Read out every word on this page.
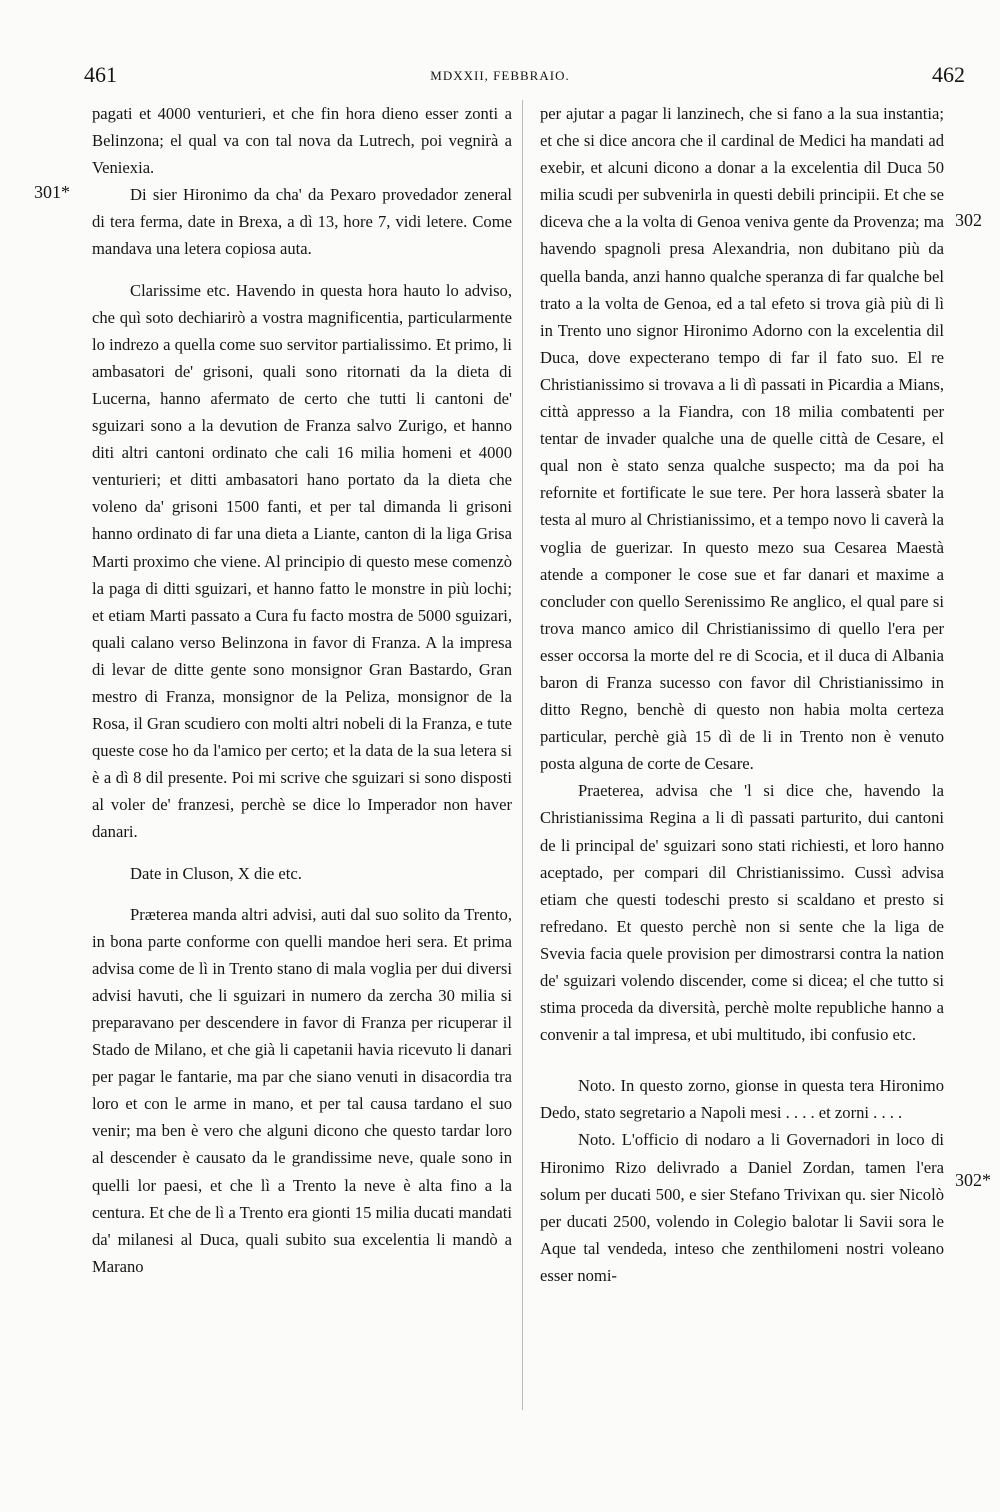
461	MDXXII, FEBBRAIO.	462
301*
302
302*

pagati et 4000 venturieri, et che fin hora dieno esser zonti a Belinzona; el qual va con tal nova da Lutrech, poi vegnirà a Veniexia.

Di sier Hironimo da cha' da Pexaro provedador zeneral di tera ferma, date in Brexa, a dì 13, hore 7, vidi letere. Come mandava una letera copiosa auta.

Clarissime etc. Havendo in questa hora hauto lo adviso, che quì soto dechiarirò a vostra magnificentia, particularmente lo indrezo a quella come suo servitor partialissimo. Et primo, li ambasatori de' grisoni, quali sono ritornati da la dieta di Lucerna, hanno afermato de certo che tutti li cantoni de' sguizari sono a la devution de Franza salvo Zurigo, et hanno diti altri cantoni ordinato che cali 16 milia homeni et 4000 venturieri; et ditti ambasatori hano portato da la dieta che voleno da' grisoni 1500 fanti, et per tal dimanda li grisoni hanno ordinato di far una dieta a Liante, canton di la liga Grisa Marti proximo che viene. Al principio di questo mese comenzò la paga di ditti sguizari, et hanno fatto le monstre in più lochi; et etiam Marti passato a Cura fu facto mostra de 5000 sguizari, quali calano verso Belinzona in favor di Franza. A la impresa di levar de ditte gente sono monsignor Gran Bastardo, Gran mestro di Franza, monsignor de la Peliza, monsignor de la Rosa, il Gran scudiero con molti altri nobeli di la Franza, e tute queste cose ho da l'amico per certo; et la data de la sua letera si è a dì 8 dil presente. Poi mi scrive che sguizari si sono disposti al voler de' franzesi, perchè se dice lo Imperador non haver danari.

Date in Cluson, X die etc.

Præterea manda altri advisi, auti dal suo solito da Trento, in bona parte conforme con quelli mandoe heri sera. Et prima advisa come de lì in Trento stano di mala voglia per dui diversi advisi havuti, che li sguizari in numero da zercha 30 milia si preparavano per descendere in favor di Franza per ricuperar il Stado de Milano, et che già li capetanii havia ricevuto li danari per pagar le fantarie, ma par che siano venuti in disacordia tra loro et con le arme in mano, et per tal causa tardano el suo venir; ma ben è vero che alguni dicono che questo tardar loro al descender è causato da le grandissime neve, quale sono in quelli lor paesi, et che lì a Trento la neve è alta fino a la centura. Et che de lì a Trento era gionti 15 milia ducati mandati da' milanesi al Duca, quali subito sua excelentia li mandò a Marano

per ajutar a pagar li lanzinech, che si fano a la sua instantia; et che si dice ancora che il cardinal de Medici ha mandati ad exebir, et alcuni dicono a donar a la excelentia dil Duca 50 milia scudi per subvenirla in questi debili principii. Et che se diceva che a la volta di Genoa veniva gente da Provenza; ma havendo spagnoli presa Alexandria, non dubitano più da quella banda, anzi hanno qualche speranza di far qualche bel trato a la volta de Genoa, ed a tal efeto si trova già più di lì in Trento uno signor Hironimo Adorno con la excelentia dil Duca, dove expecterano tempo di far il fato suo. El re Christianissimo si trovava a li dì passati in Picardia a Mians, città appresso a la Fiandra, con 18 milia combatenti per tentar de invader qualche una de quelle città de Cesare, el qual non è stato senza qualche suspecto; ma da poi ha refornite et fortificate le sue tere. Per hora lasserà sbater la testa al muro al Christianissimo, et a tempo novo li caverà la voglia de guerizar. In questo mezo sua Cesarea Maestà atende a componer le cose sue et far danari et maxime a concluder con quello Serenissimo Re anglico, el qual pare si trova manco amico dil Christianissimo di quello l'era per esser occorsa la morte del re di Scocia, et il duca di Albania baron di Franza sucesso con favor dil Christianissimo in ditto Regno, benchè di questo non habia molta certeza particular, perchè già 15 dì de li in Trento non è venuto posta alguna de corte de Cesare.

Praeterea, advisa che 'l si dice che, havendo la Christianissima Regina a li dì passati parturito, dui cantoni de li principal de' sguizari sono stati richiesti, et loro hanno aceptado, per compari dil Christianissimo. Cussì advisa etiam che questi todeschi presto si scaldano et presto si refredano. Et questo perchè non si sente che la liga de Svevia facia quele provision per dimostrarsi contra la nation de' sguizari volendo discender, come si dicea; el che tutto si stima proceda da diversità, perchè molte republiche hanno a convenir a tal impresa, et ubi multitudo, ibi confusio etc.

Noto. In questo zorno, gionse in questa tera Hironimo Dedo, stato segretario a Napoli mesi . . . . et zorni . . . .

Noto. L'officio di nodaro a li Governadori in loco di Hironimo Rizo delivrado a Daniel Zordan, tamen l'era solum per ducati 500, e sier Stefano Trivixan qu. sier Nicolò per ducati 2500, volendo in Colegio balotar li Savii sora le Aque tal vendeda, inteso che zenthilomeni nostri voleano esser nomi-
